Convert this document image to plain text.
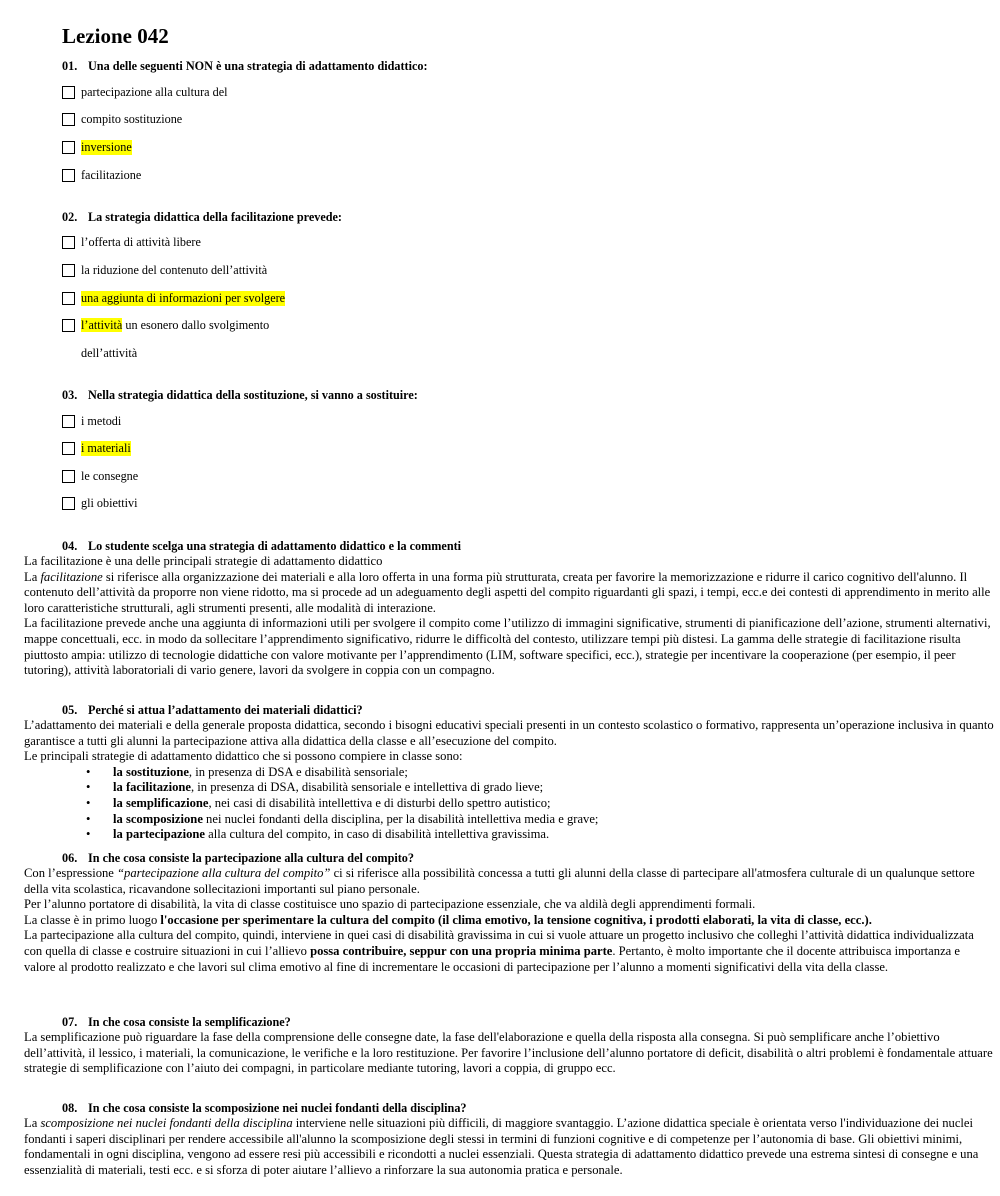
Lezione 042
01. Una delle seguenti NON è una strategia di adattamento didattico:
partecipazione alla cultura del
compito sostituzione
inversione
facilitazione
02. La strategia didattica della facilitazione prevede:
l’offerta di attività libere
la riduzione del contenuto dell’attività
una aggiunta di informazioni per svolgere
l’attività un esonero dallo svolgimento
dell’attività
03. Nella strategia didattica della sostituzione, si vanno a sostituire:
i metodi
i materiali
le consegne
gli obiettivi
04. Lo studente scelga una strategia di adattamento didattico e la commenti

La facilitazione è una delle principali strategie di adattamento didattico

La facilitazione si riferisce alla organizzazione dei materiali e alla loro offerta in una forma più strutturata, creata per favorire la memorizzazione e ridurre il carico cognitivo dell'alunno. Il contenuto dell’attività da proporre non viene ridotto, ma si procede ad un adeguamento degli aspetti del compito riguardanti gli spazi, i tempi, ecc.e dei contesti di apprendimento in merito alle loro caratteristiche strutturali, agli strumenti presenti, alle modalità di interazione.

La facilitazione prevede anche una aggiunta di informazioni utili per svolgere il compito come l’utilizzo di immagini significative, strumenti di pianificazione dell’azione, strumenti alternativi, mappe concettuali, ecc. in modo da sollecitare l’apprendimento significativo, ridurre le difficoltà del contesto, utilizzare tempi più distesi. La gamma delle strategie di facilitazione risulta piuttosto ampia: utilizzo di tecnologie didattiche con valore motivante per l’apprendimento (LIM, software specifici, ecc.), strategie per incentivare la cooperazione (per esempio, il peer tutoring), attività laboratoriali di vario genere, lavori da svolgere in coppia con un compagno.

05. Perché si attua l’adattamento dei materiali didattici?

L’adattamento dei materiali e della generale proposta didattica, secondo i bisogni educativi speciali presenti in un contesto scolastico o formativo, rappresenta un’operazione inclusiva in quanto garantisce a tutti gli alunni la partecipazione attiva alla didattica della classe e all’esecuzione del compito.

Le principali strategie di adattamento didattico che si possono compiere in classe sono:

• la sostituzione, in presenza di DSA e disabilità sensoriale;
• la facilitazione, in presenza di DSA, disabilità sensoriale e intellettiva di grado lieve;
• la semplificazione, nei casi di disabilità intellettiva e di disturbi dello spettro autistico;
• la scomposizione nei nuclei fondanti della disciplina, per la disabilità intellettiva media e grave;
• la partecipazione alla cultura del compito, in caso di disabilità intellettiva gravissima.
06. In che cosa consiste la partecipazione alla cultura del compito?

Con l’espressione “partecipazione alla cultura del compito” ci si riferisce alla possibilità concessa a tutti gli alunni della classe di partecipare all'atmosfera culturale di un qualunque settore della vita scolastica, ricavandone sollecitazioni importanti sul piano personale.

Per l’alunno portatore di disabilità, la vita di classe costituisce uno spazio di partecipazione essenziale, che va aldilà degli apprendimenti formali.

La classe è in primo luogo l'occasione per sperimentare la cultura del compito (il clima emotivo, la tensione cognitiva, i prodotti elaborati, la vita di classe, ecc.).

La partecipazione alla cultura del compito, quindi, interviene in quei casi di disabilità gravissima in cui si vuole attuare un progetto inclusivo che colleghi l’attività didattica individualizzata con quella di classe e costruire situazioni in cui l’allievo possa contribuire, seppur con una propria minima parte. Pertanto, è molto importante che il docente attribuisca importanza e valore al prodotto realizzato e che lavori sul clima emotivo al fine di incrementare le occasioni di partecipazione per l’alunno a momenti significativi della vita della classe.

07. In che cosa consiste la semplificazione?

La semplificazione può riguardare la fase della comprensione delle consegne date, la fase dell'elaborazione e quella della risposta alla consegna. Si può semplificare anche l’obiettivo dell’attività, il lessico, i materiali, la comunicazione, le verifiche e la loro restituzione. Per favorire l’inclusione dell’alunno portatore di deficit, disabilità o altri problemi è fondamentale attuare strategie di semplificazione con l’aiuto dei compagni, in particolare mediante tutoring, lavori a coppia, di gruppo ecc.

08. In che cosa consiste la scomposizione nei nuclei fondanti della disciplina?

La scomposizione nei nuclei fondanti della disciplina interviene nelle situazioni più difficili, di maggiore svantaggio. L’azione didattica speciale è orientata verso l'individuazione dei nuclei fondanti i saperi disciplinari per rendere accessibile all'alunno la scomposizione degli stessi in termini di funzioni cognitive e di competenze per l’autonomia di base. Gli obiettivi minimi, fondamentali in ogni disciplina, vengono ad essere resi più accessibili e ricondotti a nuclei essenziali. Questa strategia di adattamento didattico prevede una estrema sintesi di consegne e una essenzialità di materiali, testi ecc. e si sforza di poter aiutare l’allievo a rinforzare la sua autonomia pratica e personale.
